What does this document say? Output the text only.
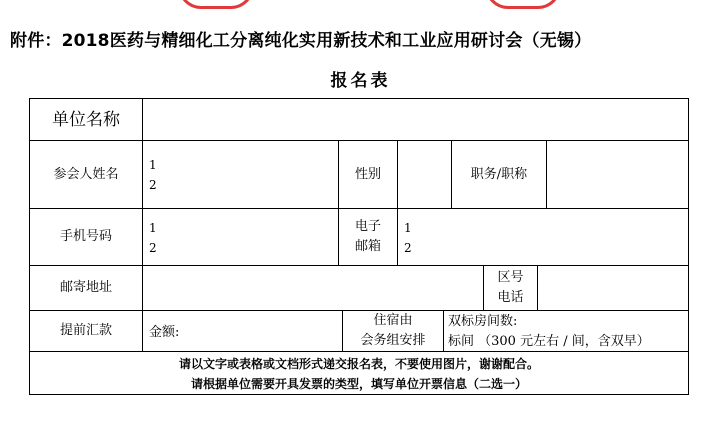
附件：2018医药与精细化工分离纯化实用新技术和工业应用研讨会（无锡）
报名表
单位名称
参会人姓名
1
2
性别	职务/职称
手机号码
1
2
电子
邮箱
1
2
邮寄地址
区号
电话
提前汇款	金额:
住宿由
会务组安排
双标房间数:
标间 （300 元左右 / 间，含双早）
请以文字或表格或文档形式递交报名表，不要使用图片，谢谢配合。
请根据单位需要开具发票的类型，填写单位开票信息（二选一）
